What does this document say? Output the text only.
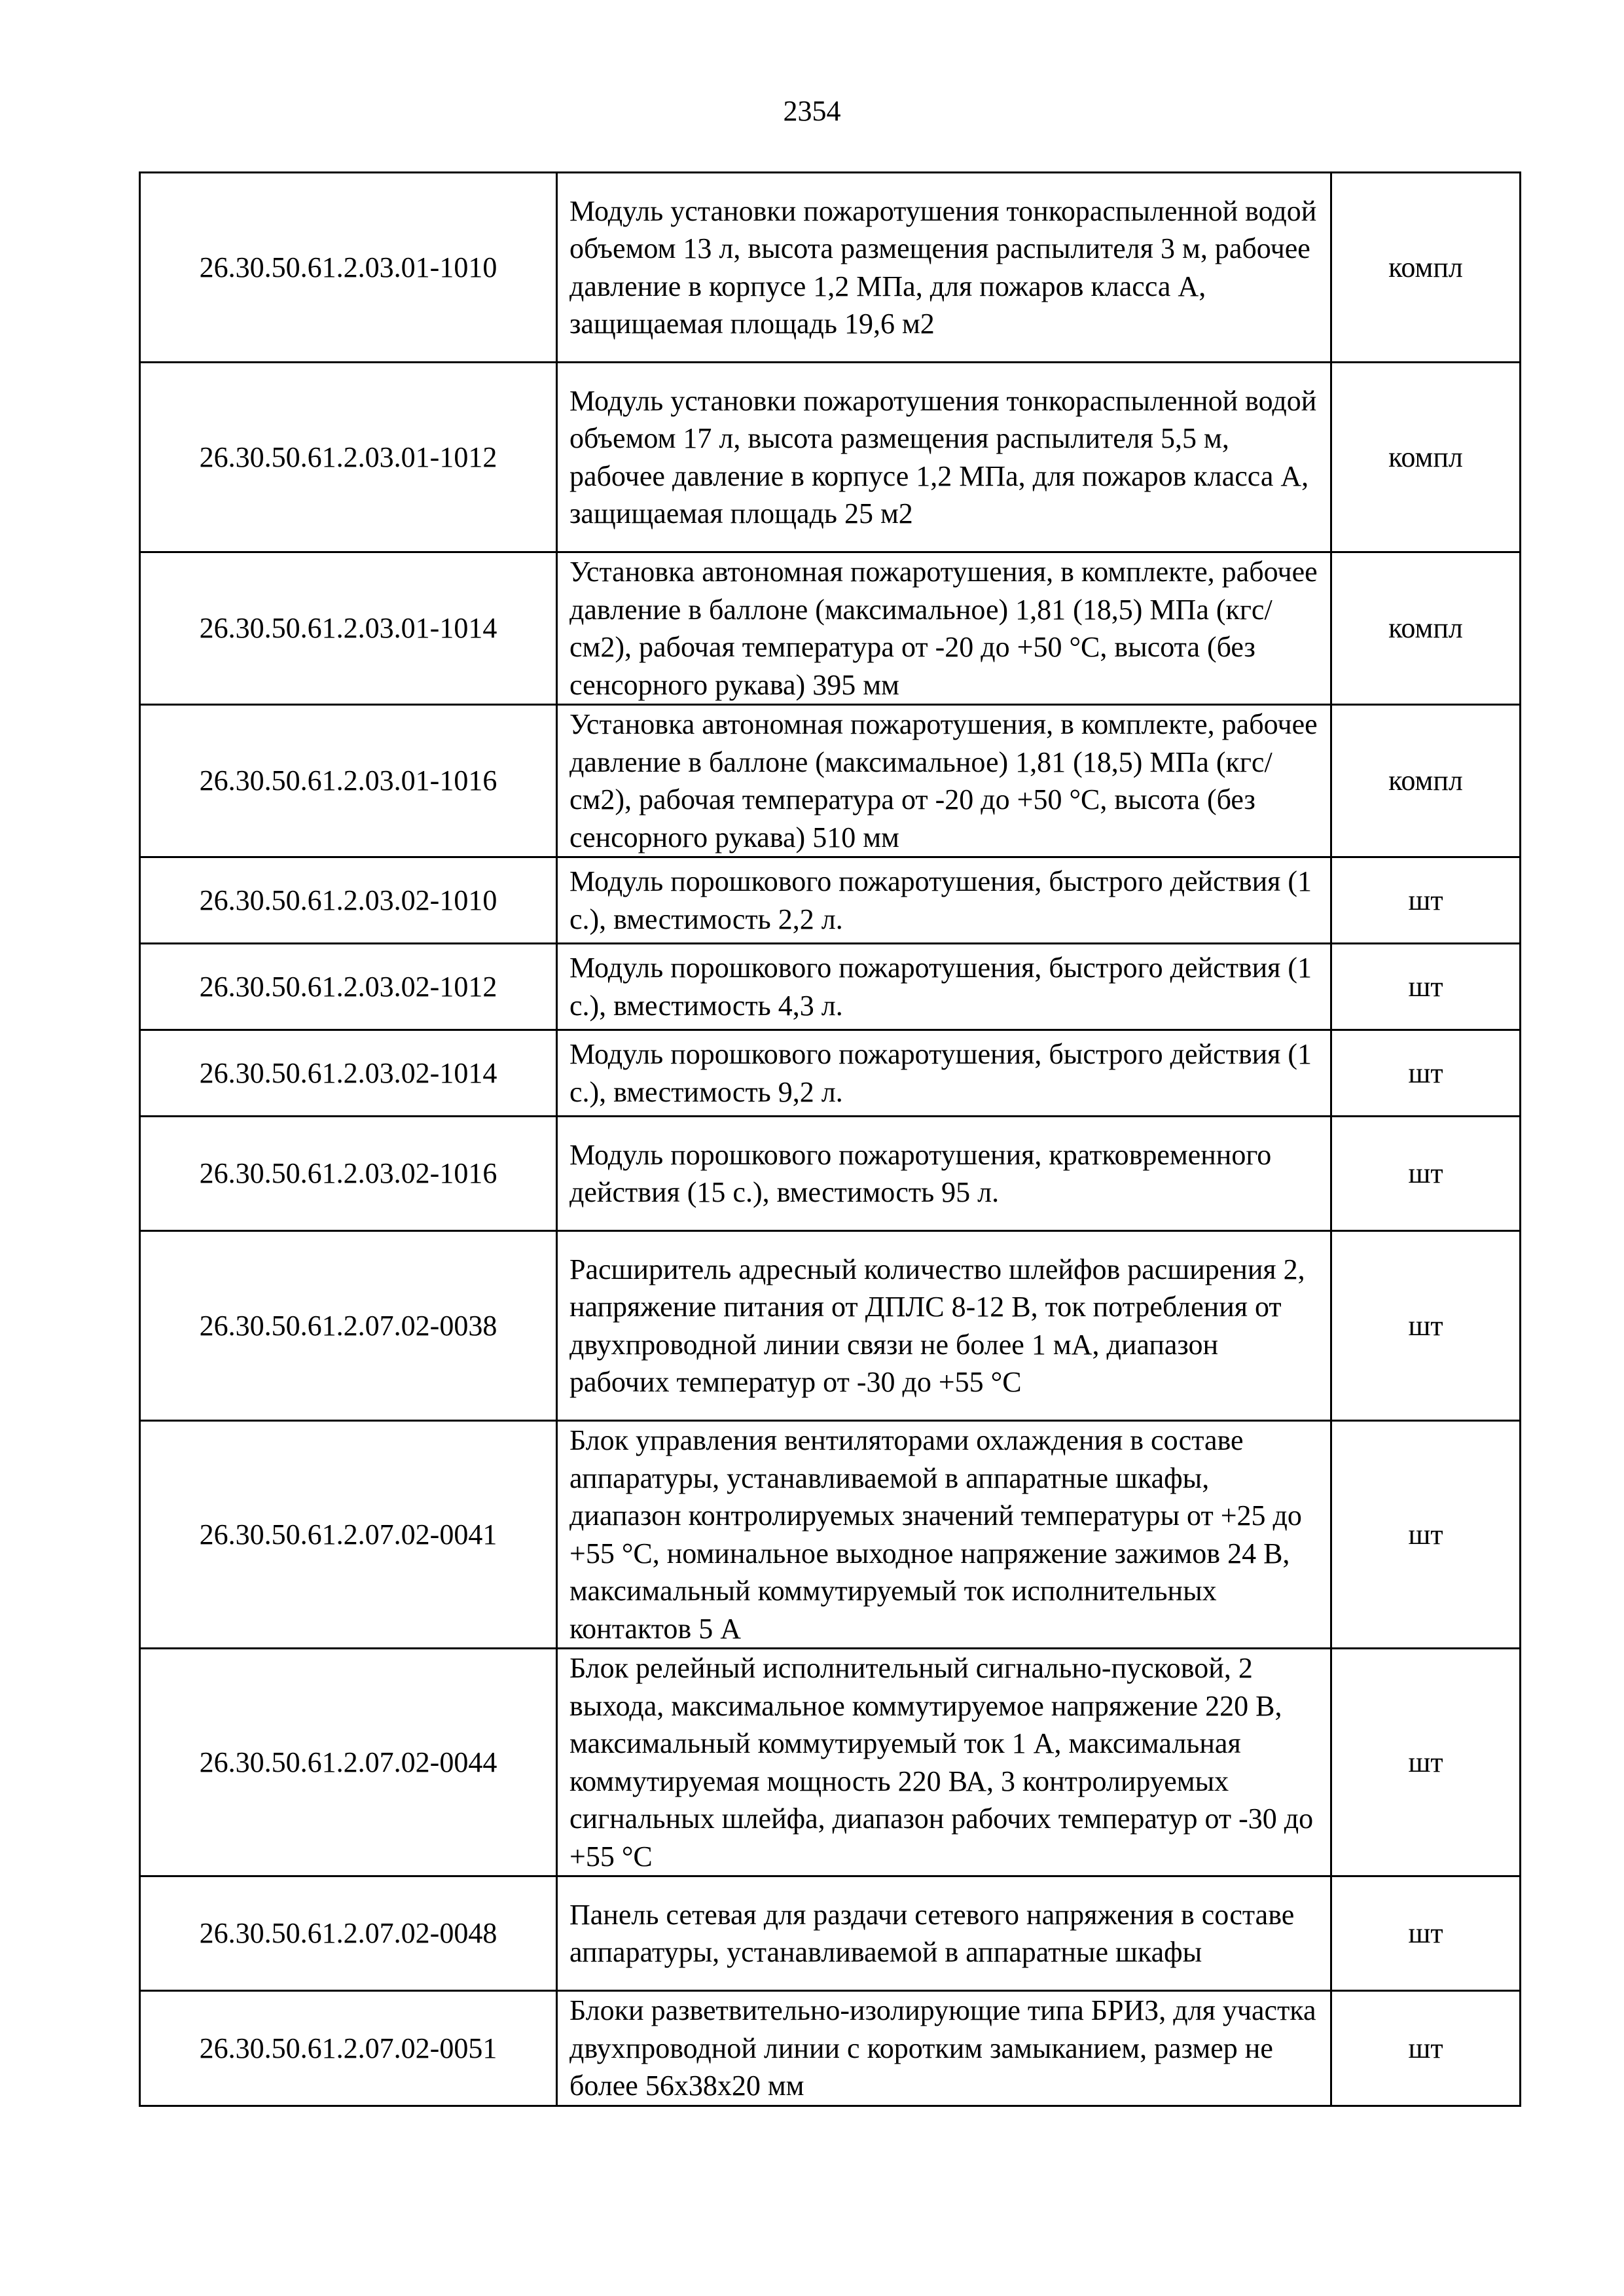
2354
26.30.50.61.2.03.01-1010	Модуль установки пожаротушения тонкораспыленной водой объемом 13 л, высота размещения распылителя 3 м, рабочее давление в корпусе 1,2 МПа, для пожаров класса А, защищаемая площадь 19,6 м2	компл
26.30.50.61.2.03.01-1012	Модуль установки пожаротушения тонкораспыленной водой объемом 17 л, высота размещения распылителя 5,5 м, рабочее давление в корпусе 1,2 МПа, для пожаров класса А, защищаемая площадь 25 м2	компл
26.30.50.61.2.03.01-1014	Установка автономная пожаротушения, в комплекте, рабочее давление в баллоне (максимальное) 1,81 (18,5) МПа (кгс/см2), рабочая температура от -20 до +50 °С, высота (без сенсорного рукава) 395 мм	компл
26.30.50.61.2.03.01-1016	Установка автономная пожаротушения, в комплекте, рабочее давление в баллоне (максимальное) 1,81 (18,5) МПа (кгс/см2), рабочая температура от -20 до +50 °С, высота (без сенсорного рукава) 510 мм	компл
26.30.50.61.2.03.02-1010	Модуль порошкового пожаротушения, быстрого действия (1 с.), вместимость 2,2 л.	шт
26.30.50.61.2.03.02-1012	Модуль порошкового пожаротушения, быстрого действия (1 с.), вместимость 4,3 л.	шт
26.30.50.61.2.03.02-1014	Модуль порошкового пожаротушения, быстрого действия (1 с.), вместимость 9,2 л.	шт
26.30.50.61.2.03.02-1016	Модуль порошкового пожаротушения, кратковременного действия (15 с.), вместимость 95 л.	шт
26.30.50.61.2.07.02-0038	Расширитель адресный количество шлейфов расширения 2, напряжение питания от ДПЛС 8-12 В, ток потребления от двухпроводной линии связи не более 1 мА, диапазон рабочих температур от -30 до +55 °С	шт
26.30.50.61.2.07.02-0041	Блок управления вентиляторами охлаждения в составе аппаратуры, устанавливаемой в аппаратные шкафы, диапазон контролируемых значений температуры от +25 до +55 °С, номинальное выходное напряжение зажимов 24 В, максимальный коммутируемый ток исполнительных контактов 5 А	шт
26.30.50.61.2.07.02-0044	Блок релейный исполнительный сигнально-пусковой, 2 выхода, максимальное коммутируемое напряжение 220 В, максимальный коммутируемый ток 1 А, максимальная коммутируемая мощность 220 ВА, 3 контролируемых сигнальных шлейфа, диапазон рабочих температур от -30 до +55 °С	шт
26.30.50.61.2.07.02-0048	Панель сетевая для раздачи сетевого напряжения в составе аппаратуры, устанавливаемой в аппаратные шкафы	шт
26.30.50.61.2.07.02-0051	Блоки разветвительно-изолирующие типа БРИЗ, для участка двухпроводной линии с коротким замыканием, размер не более 56х38х20 мм	шт
